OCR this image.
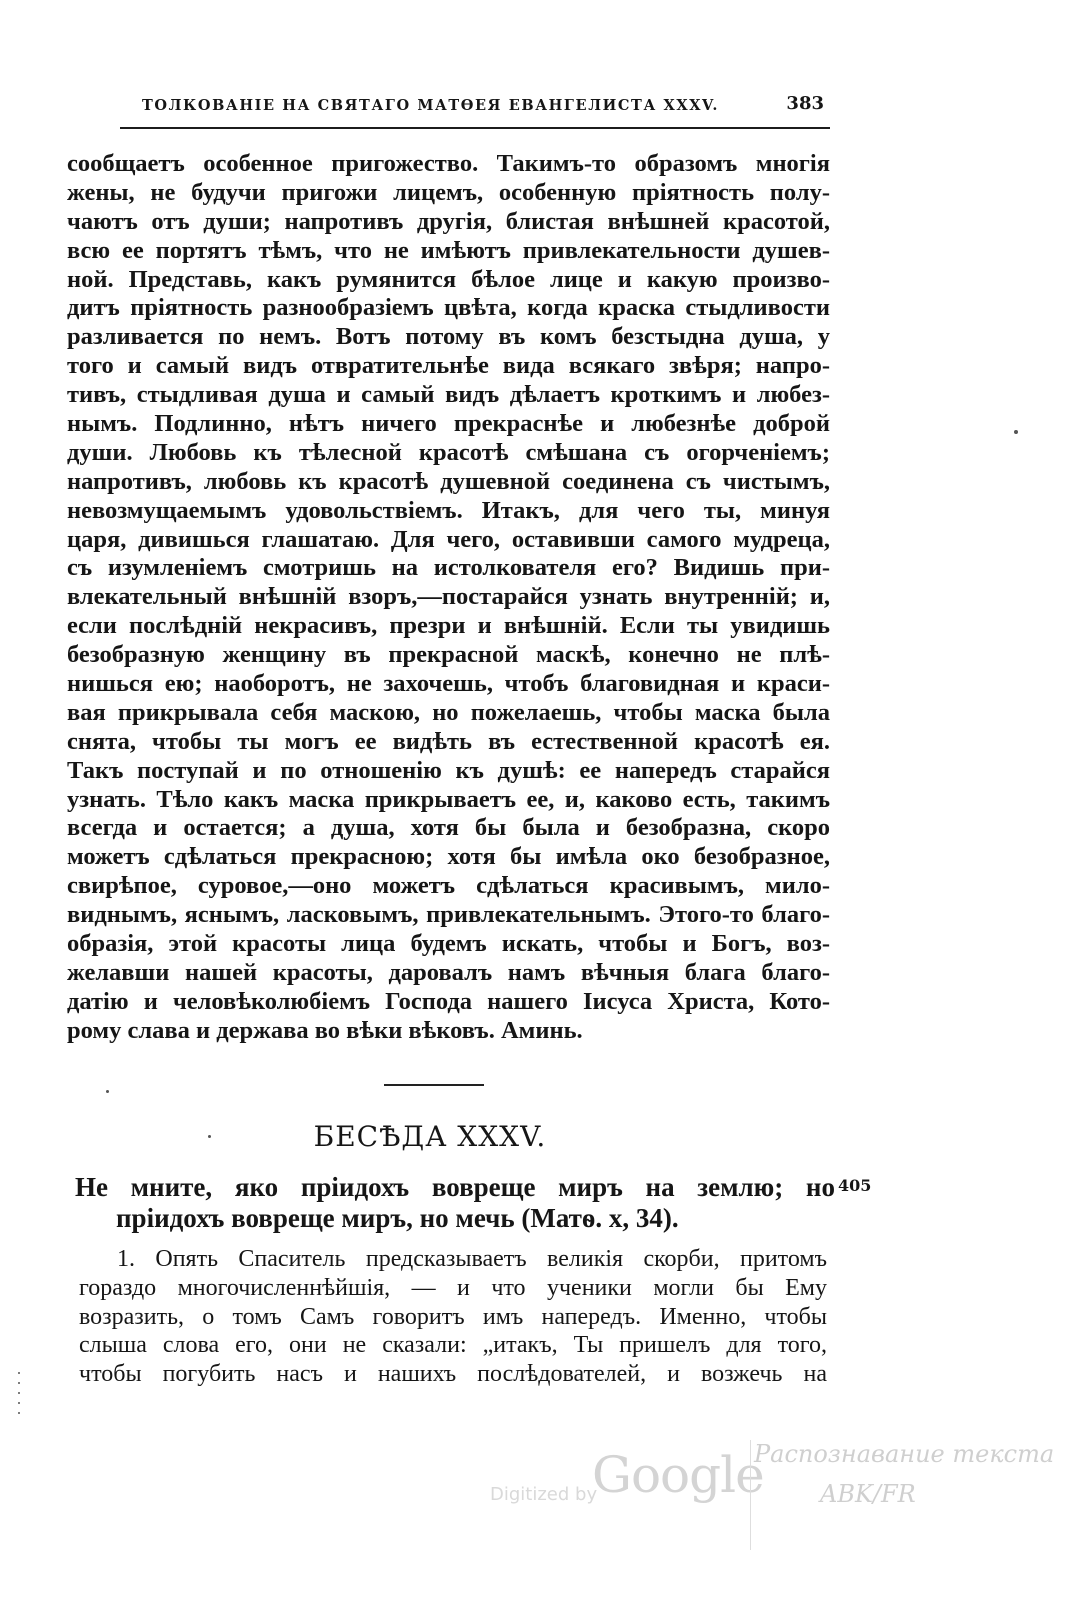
ТОЛКОВАНІЕ НА СВЯТАГО МАТѲЕЯ ЕВАНГЕЛИСТА XXXV.	383
сообщаетъ особенное пригожество. Такимъ-то образомъ многія
жены, не будучи пригожи лицемъ, особенную пріятность полу-
чаютъ отъ души; напротивъ другія, блистая внѣшней красотой,
всю ее портятъ тѣмъ, что не имѣютъ привлекательности душев-
ной. Представь, какъ румянится бѣлое лице и какую произво-
дитъ пріятность разнообразіемъ цвѣта, когда краска стыдливости
разливается по немъ. Вотъ потому въ комъ безстыдна душа, у
того и самый видъ отвратительнѣе вида всякаго звѣря; напро-
тивъ, стыдливая душа и самый видъ дѣлаетъ кроткимъ и любез-
нымъ. Подлинно, нѣтъ ничего прекраснѣе и любезнѣе доброй
души. Любовь къ тѣлесной красотѣ смѣшана съ огорченіемъ;
напротивъ, любовь къ красотѣ душевной соединена съ чистымъ,
невозмущаемымъ удовольствіемъ. Итакъ, для чего ты, минуя
царя, дивишься глашатаю. Для чего, оставивши самого мудреца,
съ изумленіемъ смотришь на истолкователя его? Видишь при-
влекательный внѣшній взоръ,—постарайся узнать внутренній; и,
если послѣдній некрасивъ, презри и внѣшній. Если ты увидишь
безобразную женщину въ прекрасной маскѣ, конечно не плѣ-
нишься ею; наоборотъ, не захочешь, чтобъ благовидная и краси-
вая прикрывала себя маскою, но пожелаешь, чтобы маска была
снята, чтобы ты могъ ее видѣть въ естественной красотѣ ея.
Такъ поступай и по отношенію къ душѣ: ее напередъ старайся
узнать. Тѣло какъ маска прикрываетъ ее, и, каково есть, такимъ
всегда и остается; а душа, хотя бы была и безобразна, скоро
можетъ сдѣлаться прекрасною; хотя бы имѣла око безобразное,
свирѣпое, суровое,—оно можетъ сдѣлаться красивымъ, мило-
виднымъ, яснымъ, ласковымъ, привлекательнымъ. Этого-то благо-
образія, этой красоты лица будемъ искать, чтобы и Богъ, воз-
желавши нашей красоты, даровалъ намъ вѣчныя блага благо-
датію и человѣколюбіемъ Господа нашего Іисуса Христа, Кото-
рому слава и держава во вѣки вѣковъ. Аминь.
БЕСѢДА XXXV.
Не мните, яко пріидохъ вовреще миръ на землю; но
пріидохъ вовреще миръ, но мечь (Матѳ. x, 34).
405
1. Опять Спаситель предсказываетъ великія скорби, притомъ
гораздо многочисленнѣйшія, — и что ученики могли бы Ему
возразить, о томъ Самъ говоритъ имъ напередъ. Именно, чтобы
слыша слова его, они не сказали: „итакъ, Ты пришелъ для того,
чтобы погубить насъ и нашихъ послѣдователей, и возжечь на
Digitized by
Google
Распознавание текста
ABK/FR
